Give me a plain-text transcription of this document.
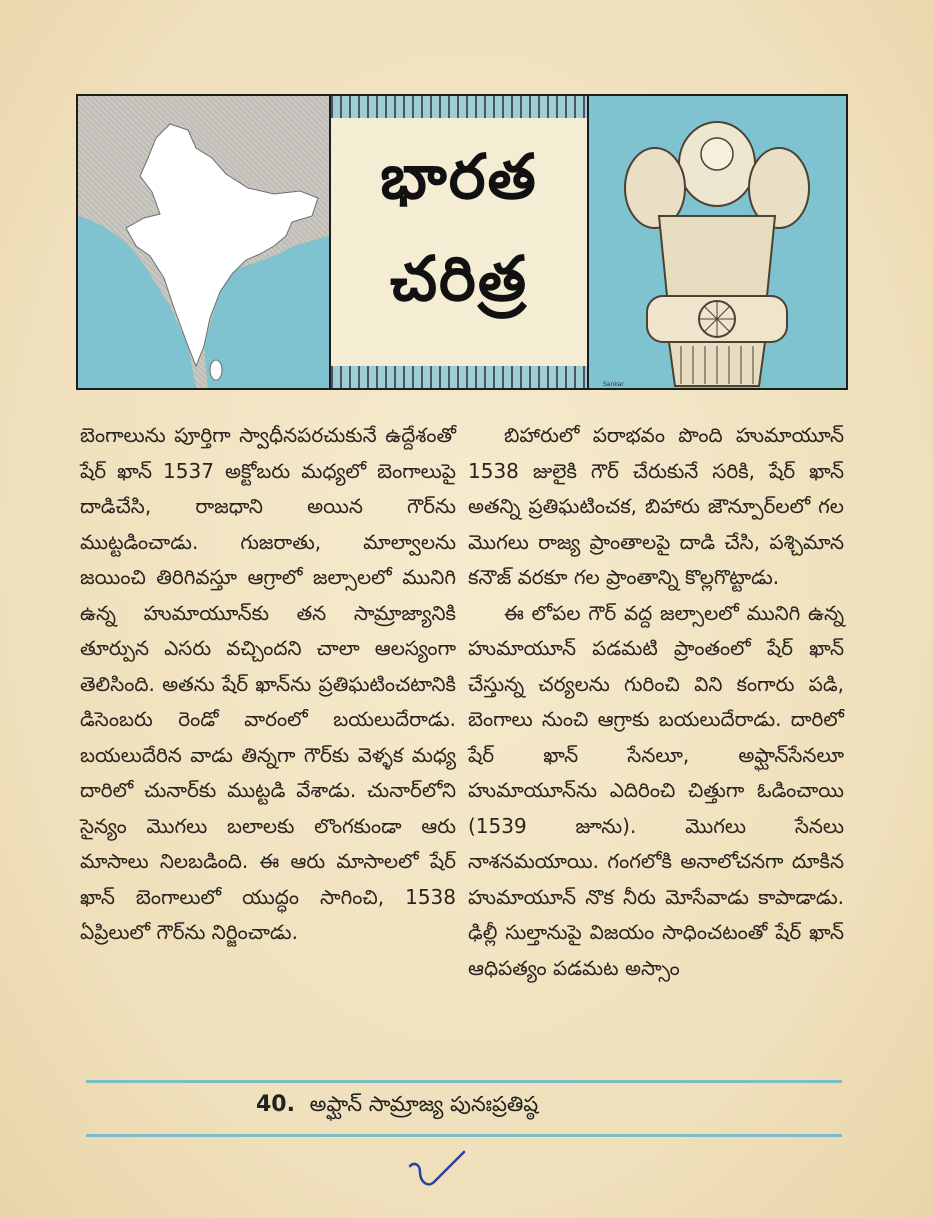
భారత
చరిత్ర
Sankar

బెంగాలును పూర్తిగా స్వాధీనపరచుకునే ఉద్దేశంతో షేర్ ఖాన్ 1537 అక్టోబరు మధ్యలో బెంగాలుపై దాడిచేసి, రాజధాని అయిన గౌర్‌ను ముట్టడించాడు. గుజరాతు, మాల్వాలను జయించి తిరిగివస్తూ ఆగ్రాలో జల్సాలలో మునిగి ఉన్న హుమాయూన్‌కు తన సామ్రాజ్యానికి తూర్పున ఎసరు వచ్చిందని చాలా ఆలస్యంగా తెలిసింది. అతను షేర్ ఖాన్‌ను ప్రతిఘటించటానికి డిసెంబరు రెండో వారంలో బయలుదేరాడు. బయలుదేరిన వాడు తిన్నగా గౌర్‌కు వెళ్ళక మధ్య దారిలో చునార్‌కు ముట్టడి వేశాడు. చునార్‌లోని సైన్యం మొగలు బలాలకు లొంగకుండా ఆరు మాసాలు నిలబడింది. ఈ ఆరు మాసాలలో షేర్ ఖాన్ బెంగాలులో యుద్ధం సాగించి, 1538 ఏప్రిలులో గౌర్‌ను నిర్జించాడు.

బిహారులో పరాభవం పొంది హుమాయూన్ 1538 జులైకి గౌర్ చేరుకునే సరికి, షేర్ ఖాన్ అతన్ని ప్రతిఘటించక, బిహారు జౌన్పూర్‌లలో గల మొగలు రాజ్య ప్రాంతాలపై దాడి చేసి, పశ్చిమాన కనౌజ్ వరకూ గల ప్రాంతాన్ని కొల్లగొట్టాడు.

ఈ లోపల గౌర్ వద్ద జల్సాలలో మునిగి ఉన్న హుమాయూన్ పడమటి ప్రాంతంలో షేర్ ఖాన్ చేస్తున్న చర్యలను గురించి విని కంగారు పడి, బెంగాలు నుంచి ఆగ్రాకు బయలుదేరాడు. దారిలో షేర్ ఖాన్ సేనలూ, అఫ్ఘాన్‌సేనలూ హుమాయూన్‌ను ఎదిరించి చిత్తుగా ఓడించాయి (1539 జూను). మొగలు సేనలు నాశనమయాయి. గంగలోకి అనాలోచనగా దూకిన హుమాయూన్ నొక నీరు మోసేవాడు కాపాడాడు. ఢిల్లీ సుల్తానుపై విజయం సాధించటంతో షేర్ ఖాన్ ఆధిపత్యం పడమట అస్సాం

40. అఫ్ఘాన్ సామ్రాజ్య పునఃప్రతిష్ఠ
